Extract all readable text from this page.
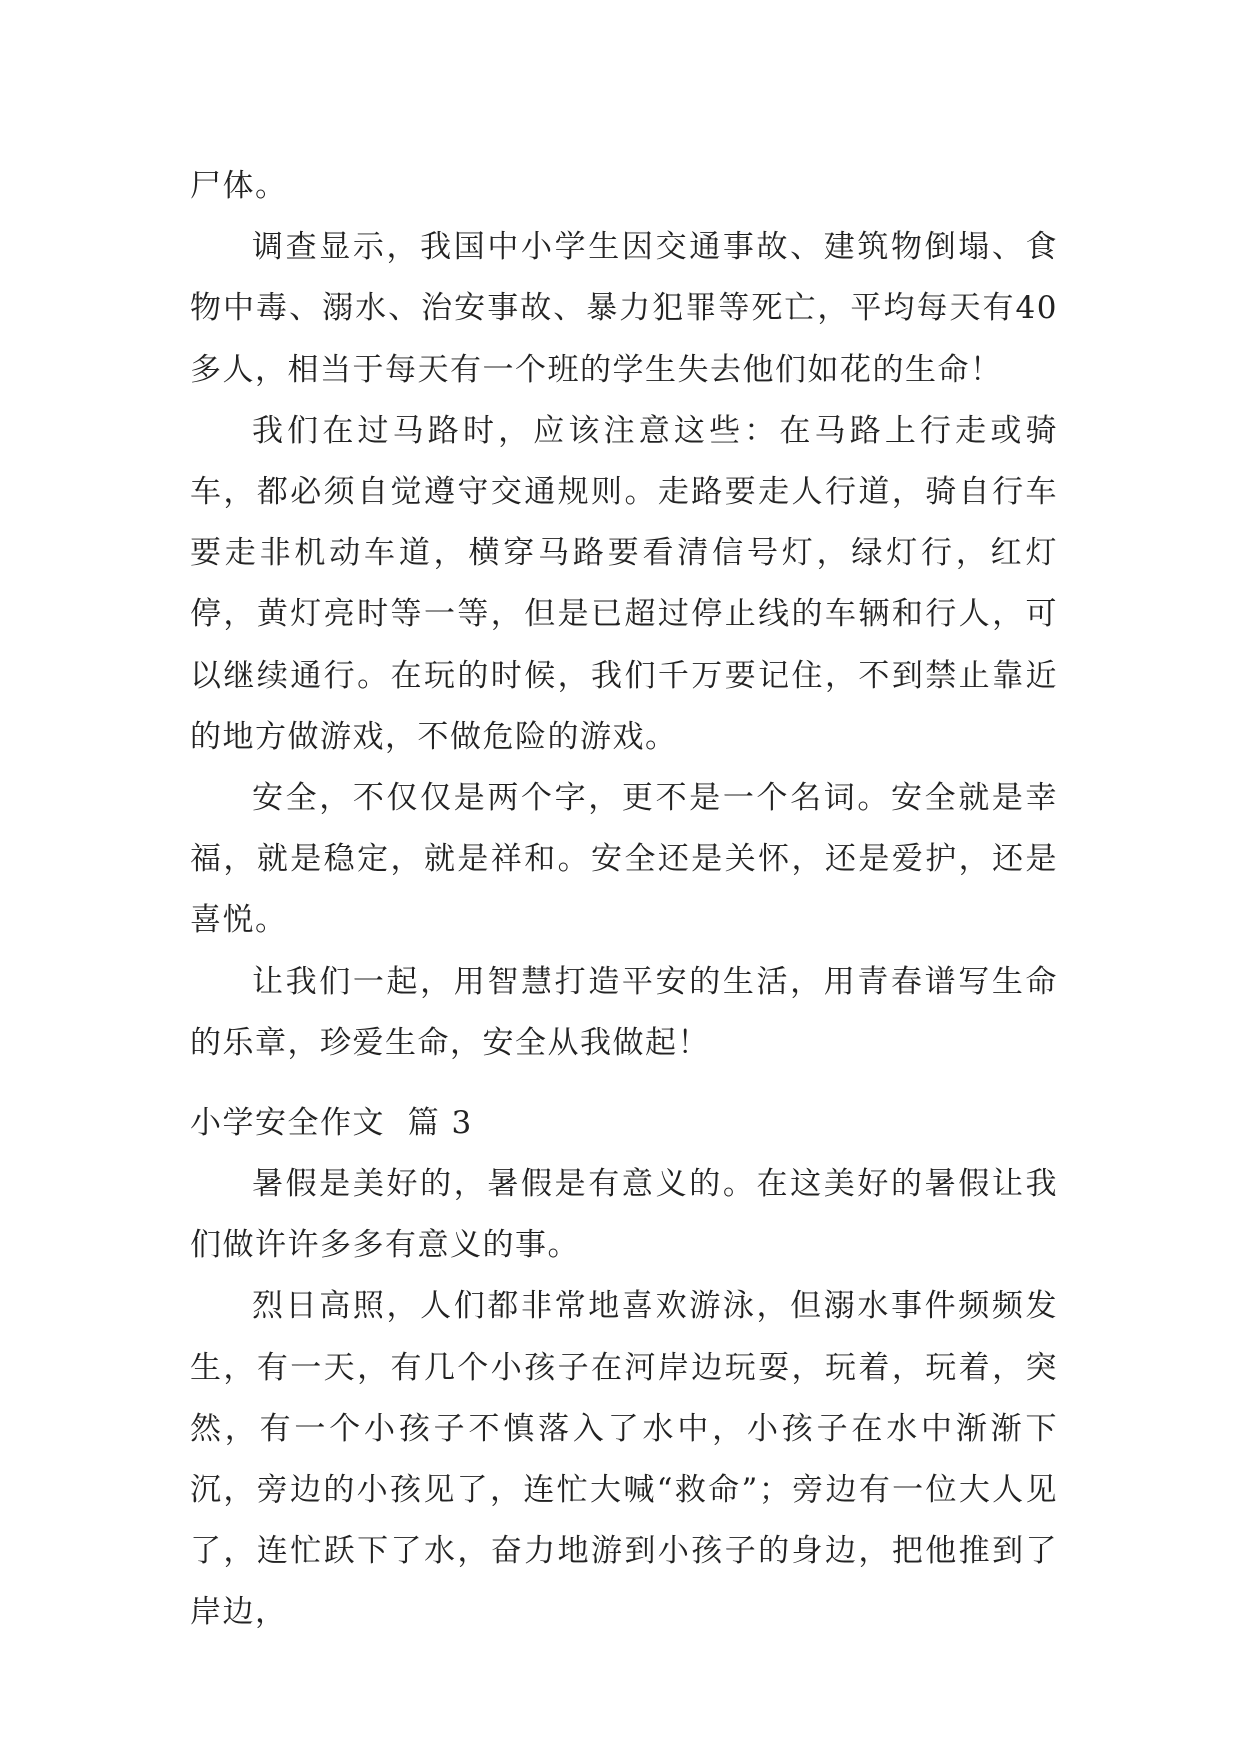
尸体。

调查显示，我国中小学生因交通事故、建筑物倒塌、食物中毒、溺水、治安事故、暴力犯罪等死亡，平均每天有40多人，相当于每天有一个班的学生失去他们如花的生命！

我们在过马路时，应该注意这些：在马路上行走或骑车，都必须自觉遵守交通规则。走路要走人行道，骑自行车要走非机动车道，横穿马路要看清信号灯，绿灯行，红灯停，黄灯亮时等一等，但是已超过停止线的车辆和行人，可以继续通行。在玩的时候，我们千万要记住，不到禁止靠近的地方做游戏，不做危险的游戏。

安全，不仅仅是两个字，更不是一个名词。安全就是幸福，就是稳定，就是祥和。安全还是关怀，还是爱护，还是喜悦。

让我们一起，用智慧打造平安的生活，用青春谱写生命的乐章，珍爱生命，安全从我做起！

小学安全作文  篇 3

暑假是美好的，暑假是有意义的。在这美好的暑假让我们做许许多多有意义的事。

烈日高照，人们都非常地喜欢游泳，但溺水事件频频发生，有一天，有几个小孩子在河岸边玩耍，玩着，玩着，突然，有一个小孩子不慎落入了水中，小孩子在水中渐渐下沉，旁边的小孩见了，连忙大喊“救命”；旁边有一位大人见了，连忙跃下了水，奋力地游到小孩子的身边，把他推到了岸边，
